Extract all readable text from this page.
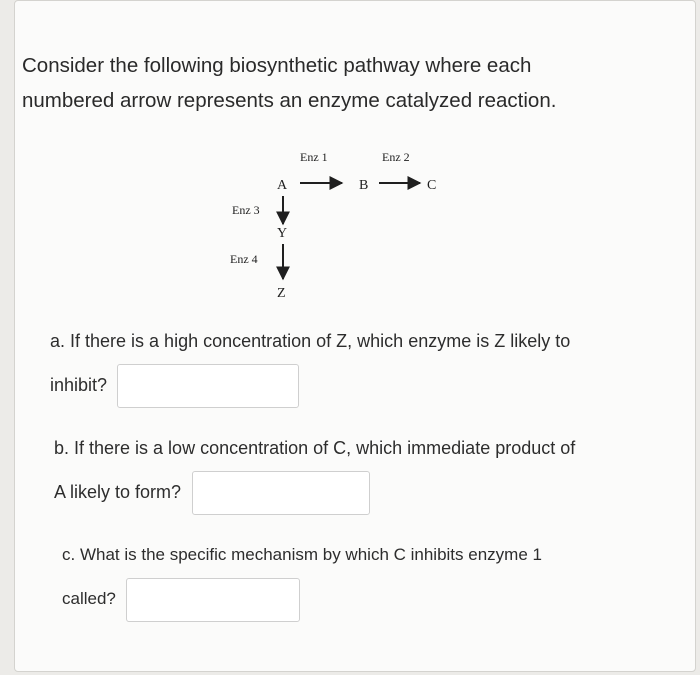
Consider the following biosynthetic pathway where each
numbered arrow represents an enzyme catalyzed reaction.
A	B	C
Y
Z
Enz 1	Enz 2
Enz 3
Enz 4
a. If there is a high concentration of Z, which enzyme is Z likely to
inhibit?
b. If there is a low concentration of C, which immediate product of
A likely to form?
c. What is the specific mechanism by which C inhibits enzyme 1
called?
